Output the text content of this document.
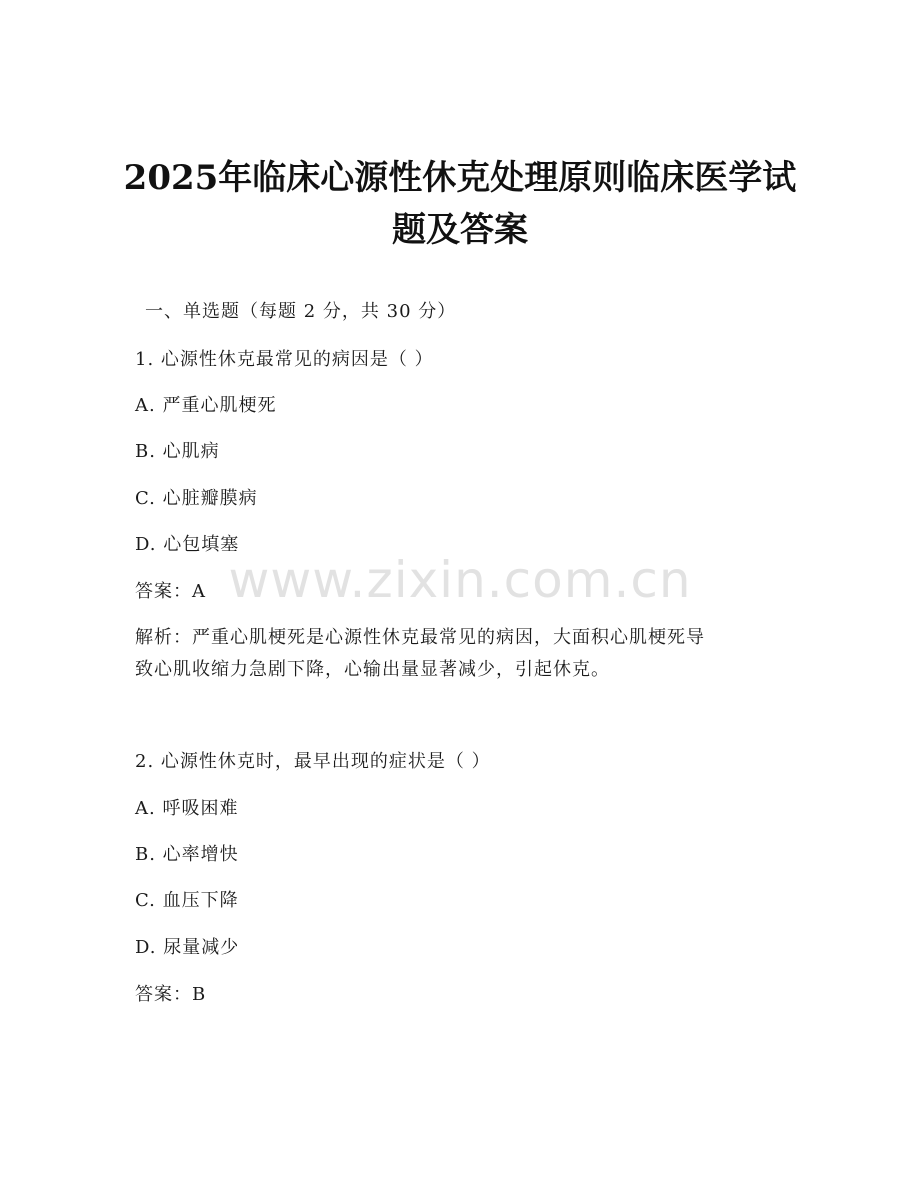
2025年临床心源性休克处理原则临床医学试
题及答案
一、单选题（每题 2 分，共 30 分）
1. 心源性休克最常见的病因是（ ）
A. 严重心肌梗死
B. 心肌病
C. 心脏瓣膜病
D. 心包填塞
答案：A
解析：严重心肌梗死是心源性休克最常见的病因，大面积心肌梗死导
致心肌收缩力急剧下降，心输出量显著减少，引起休克。
2. 心源性休克时，最早出现的症状是（ ）
A. 呼吸困难
B. 心率增快
C. 血压下降
D. 尿量减少
答案：B
www.zixin.com.cn
